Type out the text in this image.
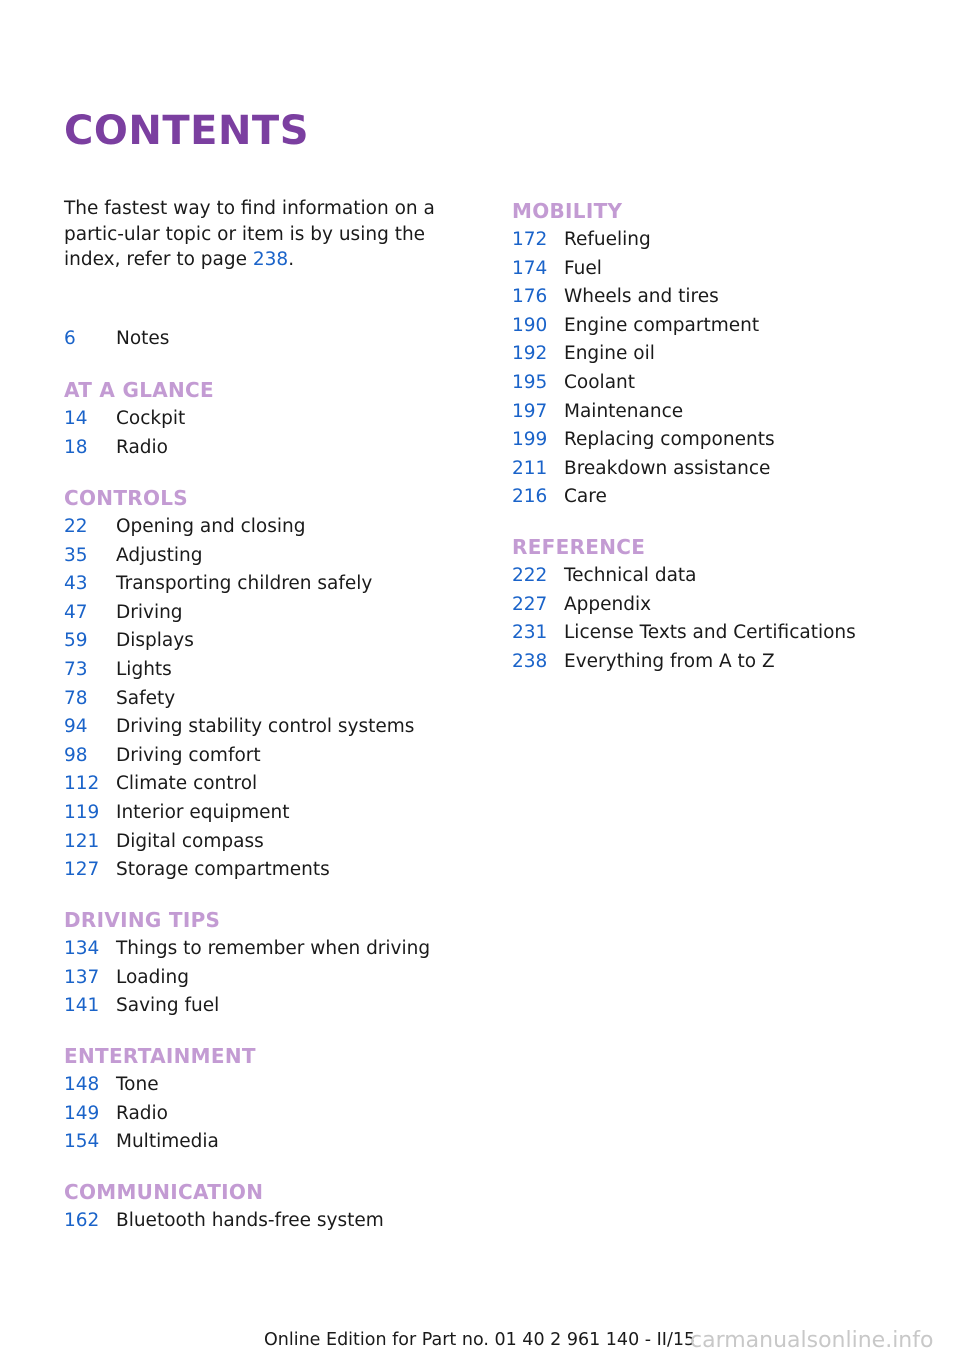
CONTENTS

The fastest way to find information on a partic-ular topic or item is by using the index, refer to page 238.

6	Notes
AT A GLANCE
14	Cockpit
18	Radio
CONTROLS
22	Opening and closing
35	Adjusting
43	Transporting children safely
47	Driving
59	Displays
73	Lights
78	Safety
94	Driving stability control systems
98	Driving comfort
112 Climate control
119 Interior equipment
121 Digital compass
127 Storage compartments
DRIVING TIPS
134 Things to remember when driving
137 Loading
141 Saving fuel
ENTERTAINMENT
148 Tone
149 Radio
154 Multimedia
COMMUNICATION
162 Bluetooth hands-free system
MOBILITY
172 Refueling
174 Fuel
176 Wheels and tires
190 Engine compartment
192 Engine oil
195 Coolant
197 Maintenance
199 Replacing components
211 Breakdown assistance
216 Care
REFERENCE
222 Technical data
227 Appendix
231 License Texts and Certifications
238 Everything from A to Z

Online Edition for Part no. 01 40 2 961 140 - II/15

carmanualsonline.info
